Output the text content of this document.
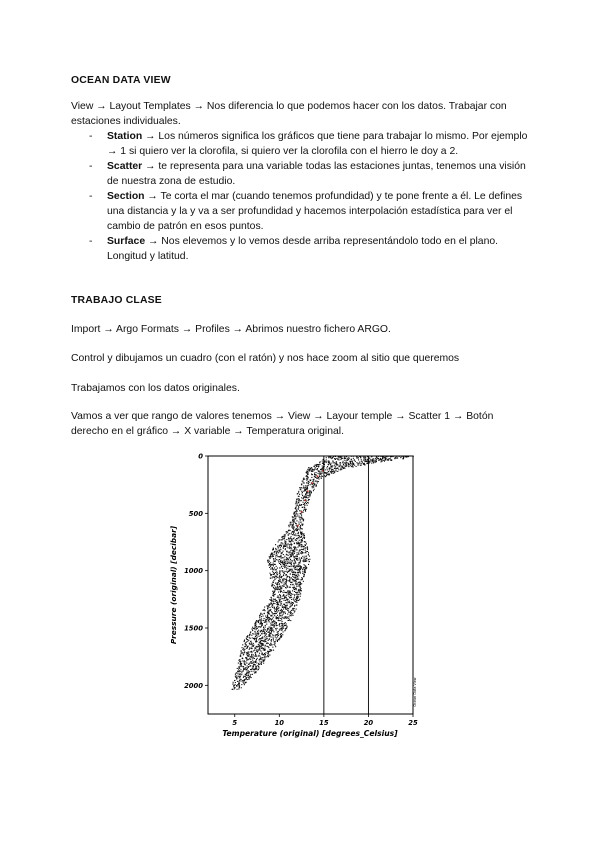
OCEAN DATA VIEW
View → Layout Templates → Nos diferencia lo que podemos hacer con los datos. Trabajar con estaciones individuales.
- Station → Los números significa los gráficos que tiene para trabajar lo mismo. Por ejemplo → 1 si quiero ver la clorofila, si quiero ver la clorofila con el hierro le doy a 2.
- Scatter → te representa para una variable todas las estaciones juntas, tenemos una visión de nuestra zona de estudio.
- Section → Te corta el mar (cuando tenemos profundidad) y te pone frente a él. Le defines una distancia y la y va a ser profundidad y hacemos interpolación estadística para ver el cambio de patrón en esos puntos.
- Surface → Nos elevemos y lo vemos desde arriba representándolo todo en el plano. Longitud y latitud.
TRABAJO CLASE
Import → Argo Formats → Profiles → Abrimos nuestro fichero ARGO.
Control y dibujamos un cuadro (con el ratón) y nos hace zoom al sitio que queremos
Trabajamos con los datos originales.
Vamos a ver que rango de valores tenemos → View → Layour temple → Scatter 1 → Botón derecho en el gráfico → X variable → Temperatura original.
5	10	15	20	25
0
500
1000
1500
2000
Temperature (original) [degrees_Celsius]
Pressure (original) [decibar]
Ocean Data View
